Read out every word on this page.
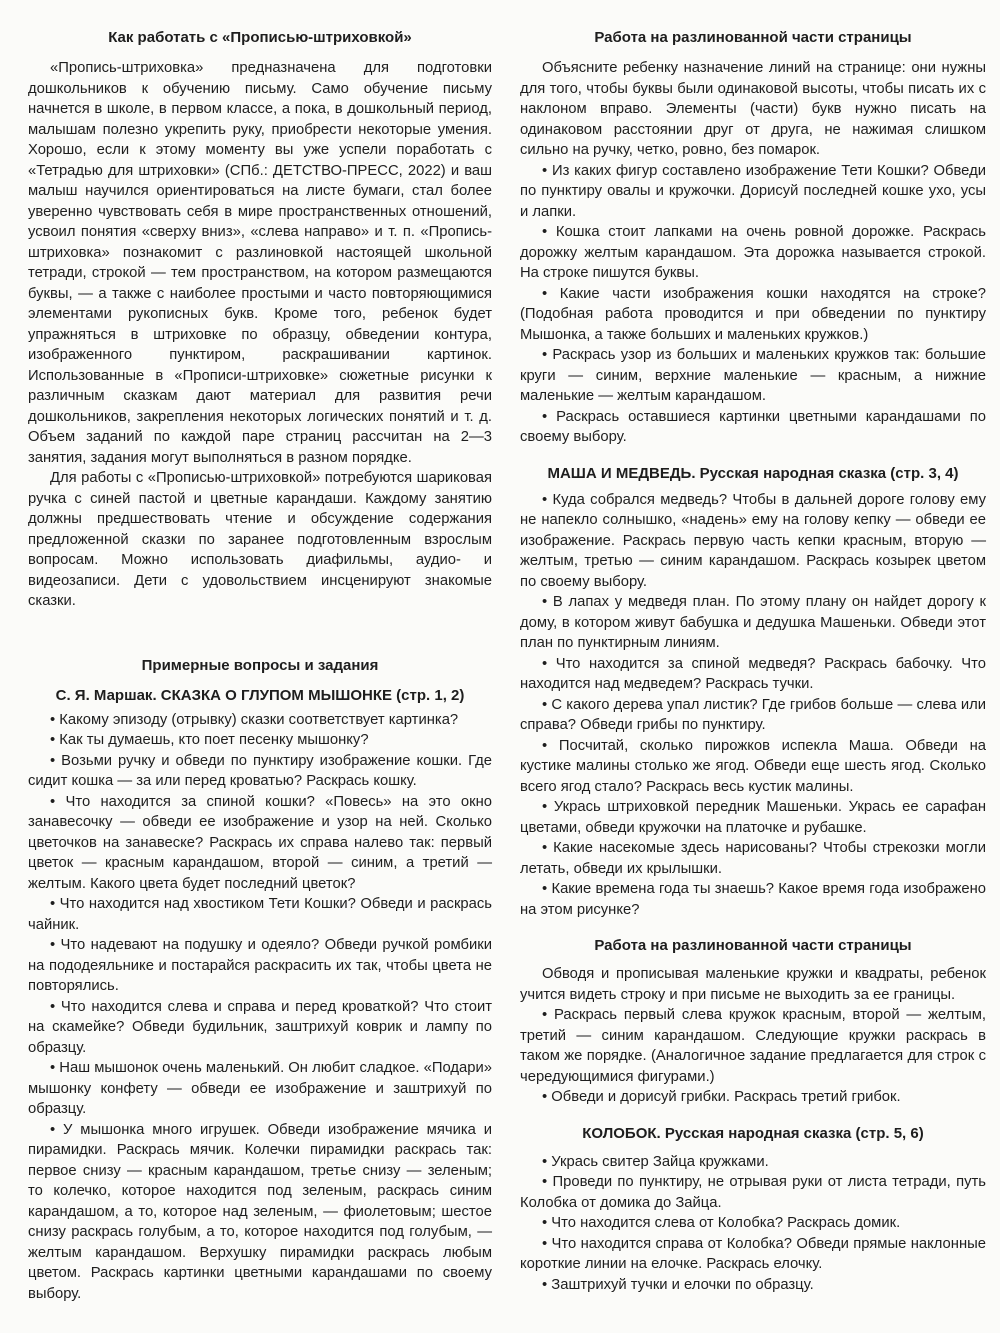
Как работать с «Прописью-штриховкой»

«Пропись-штриховка» предназначена для подготовки дошкольников к обучению письму. Само обучение письму начнется в школе, в первом классе, а пока, в дошкольный период, малышам полезно укрепить руку, приобрести некоторые умения. Хорошо, если к этому моменту вы уже успели поработать с «Тетрадью для штриховки» (СПб.: ДЕТСТВО-ПРЕСС, 2022) и ваш малыш научился ориентироваться на листе бумаги, стал более уверенно чувствовать себя в мире пространственных отношений, усвоил понятия «сверху вниз», «слева направо» и т. п. «Пропись-штриховка» познакомит с разлиновкой настоящей школьной тетради, строкой — тем пространством, на котором размещаются буквы, — а также с наиболее простыми и часто повторяющимися элементами рукописных букв. Кроме того, ребенок будет упражняться в штриховке по образцу, обведении контура, изображенного пунктиром, раскрашивании картинок. Использованные в «Прописи-штриховке» сюжетные рисунки к различным сказкам дают материал для развития речи дошкольников, закрепления некоторых логических понятий и т. д. Объем заданий по каждой паре страниц рассчитан на 2—3 занятия, задания могут выполняться в разном порядке.

Для работы с «Прописью-штриховкой» потребуются шариковая ручка с синей пастой и цветные карандаши. Каждому занятию должны предшествовать чтение и обсуждение содержания предложенной сказки по заранее подготовленным взрослым вопросам. Можно использовать диафильмы, аудио- и видеозаписи. Дети с удовольствием инсценируют знакомые сказки.

Примерные вопросы и задания
С. Я. Маршак. СКАЗКА О ГЛУПОМ МЫШОНКЕ (стр. 1, 2)

• Какому эпизоду (отрывку) сказки соответствует картинка?

• Как ты думаешь, кто поет песенку мышонку?

• Возьми ручку и обведи по пунктиру изображение кошки. Где сидит кошка — за или перед кроватью? Раскрась кошку.

• Что находится за спиной кошки? «Повесь» на это окно занавесочку — обведи ее изображение и узор на ней. Сколько цветочков на занавеске? Раскрась их справа налево так: первый цветок — красным карандашом, второй — синим, а третий — желтым. Какого цвета будет последний цветок?

• Что находится над хвостиком Тети Кошки? Обведи и раскрась чайник.

• Что надевают на подушку и одеяло? Обведи ручкой ромбики на пододеяльнике и постарайся раскрасить их так, чтобы цвета не повторялись.

• Что находится слева и справа и перед кроваткой? Что стоит на скамейке? Обведи будильник, заштрихуй коврик и лампу по образцу.

• Наш мышонок очень маленький. Он любит сладкое. «Подари» мышонку конфету — обведи ее изображение и заштрихуй по образцу.

• У мышонка много игрушек. Обведи изображение мячика и пирамидки. Раскрась мячик. Колечки пирамидки раскрась так: первое снизу — красным карандашом, третье снизу — зеленым; то колечко, которое находится под зеленым, раскрась синим карандашом, а то, которое над зеленым, — фиолетовым; шестое снизу раскрась голубым, а то, которое находится под голубым, — желтым карандашом. Верхушку пирамидки раскрась любым цветом. Раскрась картинки цветными карандашами по своему выбору.

Работа на разлинованной части страницы

Объясните ребенку назначение линий на странице: они нужны для того, чтобы буквы были одинаковой высоты, чтобы писать их с наклоном вправо. Элементы (части) букв нужно писать на одинаковом расстоянии друг от друга, не нажимая слишком сильно на ручку, четко, ровно, без помарок.

• Из каких фигур составлено изображение Тети Кошки? Обведи по пунктиру овалы и кружочки. Дорисуй последней кошке ухо, усы и лапки.

• Кошка стоит лапками на очень ровной дорожке. Раскрась дорожку желтым карандашом. Эта дорожка называется строкой. На строке пишутся буквы.

• Какие части изображения кошки находятся на строке? (Подобная работа проводится и при обведении по пунктиру Мышонка, а также больших и маленьких кружков.)

• Раскрась узор из больших и маленьких кружков так: большие круги — синим, верхние маленькие — красным, а нижние маленькие — желтым карандашом.

• Раскрась оставшиеся картинки цветными карандашами по своему выбору.

МАША И МЕДВЕДЬ. Русская народная сказка (стр. 3, 4)

• Куда собрался медведь? Чтобы в дальней дороге голову ему не напекло солнышко, «надень» ему на голову кепку — обведи ее изображение. Раскрась первую часть кепки красным, вторую — желтым, третью — синим карандашом. Раскрась козырек цветом по своему выбору.

• В лапах у медведя план. По этому плану он найдет дорогу к дому, в котором живут бабушка и дедушка Машеньки. Обведи этот план по пунктирным линиям.

• Что находится за спиной медведя? Раскрась бабочку. Что находится над медведем? Раскрась тучки.

• С какого дерева упал листик? Где грибов больше — слева или справа? Обведи грибы по пунктиру.

• Посчитай, сколько пирожков испекла Маша. Обведи на кустике малины столько же ягод. Обведи еще шесть ягод. Сколько всего ягод стало? Раскрась весь кустик малины.

• Укрась штриховкой передник Машеньки. Укрась ее сарафан цветами, обведи кружочки на платочке и рубашке.

• Какие насекомые здесь нарисованы? Чтобы стрекозки могли летать, обведи их крылышки.

• Какие времена года ты знаешь? Какое время года изображено на этом рисунке?

Работа на разлинованной части страницы

Обводя и прописывая маленькие кружки и квадраты, ребенок учится видеть строку и при письме не выходить за ее границы.

• Раскрась первый слева кружок красным, второй — желтым, третий — синим карандашом. Следующие кружки раскрась в таком же порядке. (Аналогичное задание предлагается для строк с чередующимися фигурами.)

• Обведи и дорисуй грибки. Раскрась третий грибок.

КОЛОБОК. Русская народная сказка (стр. 5, 6)

• Укрась свитер Зайца кружками.

• Проведи по пунктиру, не отрывая руки от листа тетради, путь Колобка от домика до Зайца.

• Что находится слева от Колобка? Раскрась домик.

• Что находится справа от Колобка? Обведи прямые наклонные короткие линии на елочке. Раскрась елочку.

• Заштрихуй тучки и елочки по образцу.
